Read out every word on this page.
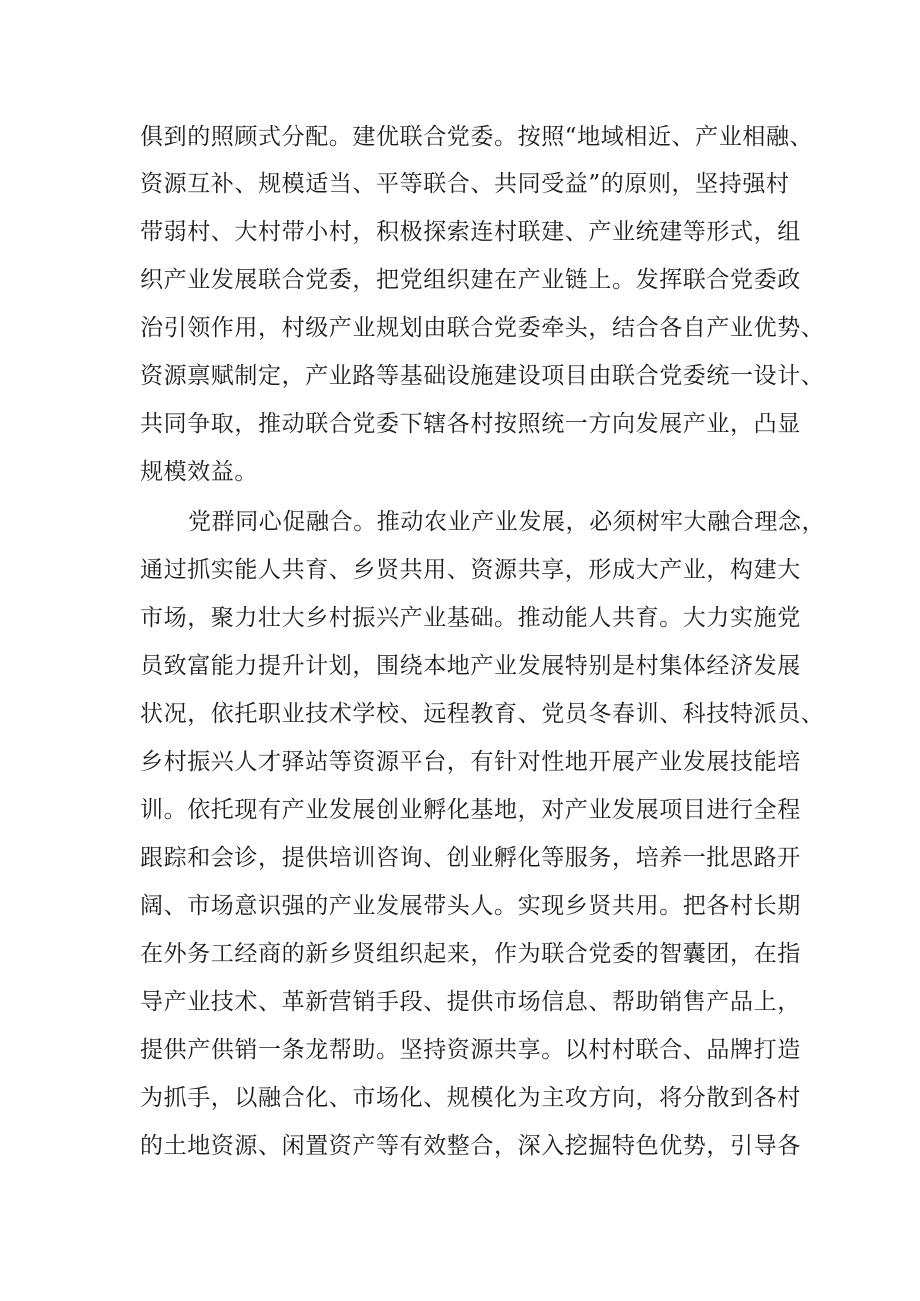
俱到的照顾式分配。建优联合党委。按照“地域相近、产业相融、

资源互补、规模适当、平等联合、共同受益”的原则，坚持强村

带弱村、大村带小村，积极探索连村联建、产业统建等形式，组

织产业发展联合党委，把党组织建在产业链上。发挥联合党委政

治引领作用，村级产业规划由联合党委牵头，结合各自产业优势、

资源禀赋制定，产业路等基础设施建设项目由联合党委统一设计、

共同争取，推动联合党委下辖各村按照统一方向发展产业，凸显

规模效益。

党群同心促融合。推动农业产业发展，必须树牢大融合理念，

通过抓实能人共育、乡贤共用、资源共享，形成大产业，构建大

市场，聚力壮大乡村振兴产业基础。推动能人共育。大力实施党

员致富能力提升计划，围绕本地产业发展特别是村集体经济发展

状况，依托职业技术学校、远程教育、党员冬春训、科技特派员、

乡村振兴人才驿站等资源平台，有针对性地开展产业发展技能培

训。依托现有产业发展创业孵化基地，对产业发展项目进行全程

跟踪和会诊，提供培训咨询、创业孵化等服务，培养一批思路开

阔、市场意识强的产业发展带头人。实现乡贤共用。把各村长期

在外务工经商的新乡贤组织起来，作为联合党委的智囊团，在指

导产业技术、革新营销手段、提供市场信息、帮助销售产品上，

提供产供销一条龙帮助。坚持资源共享。以村村联合、品牌打造

为抓手，以融合化、市场化、规模化为主攻方向，将分散到各村

的土地资源、闲置资产等有效整合，深入挖掘特色优势，引导各
